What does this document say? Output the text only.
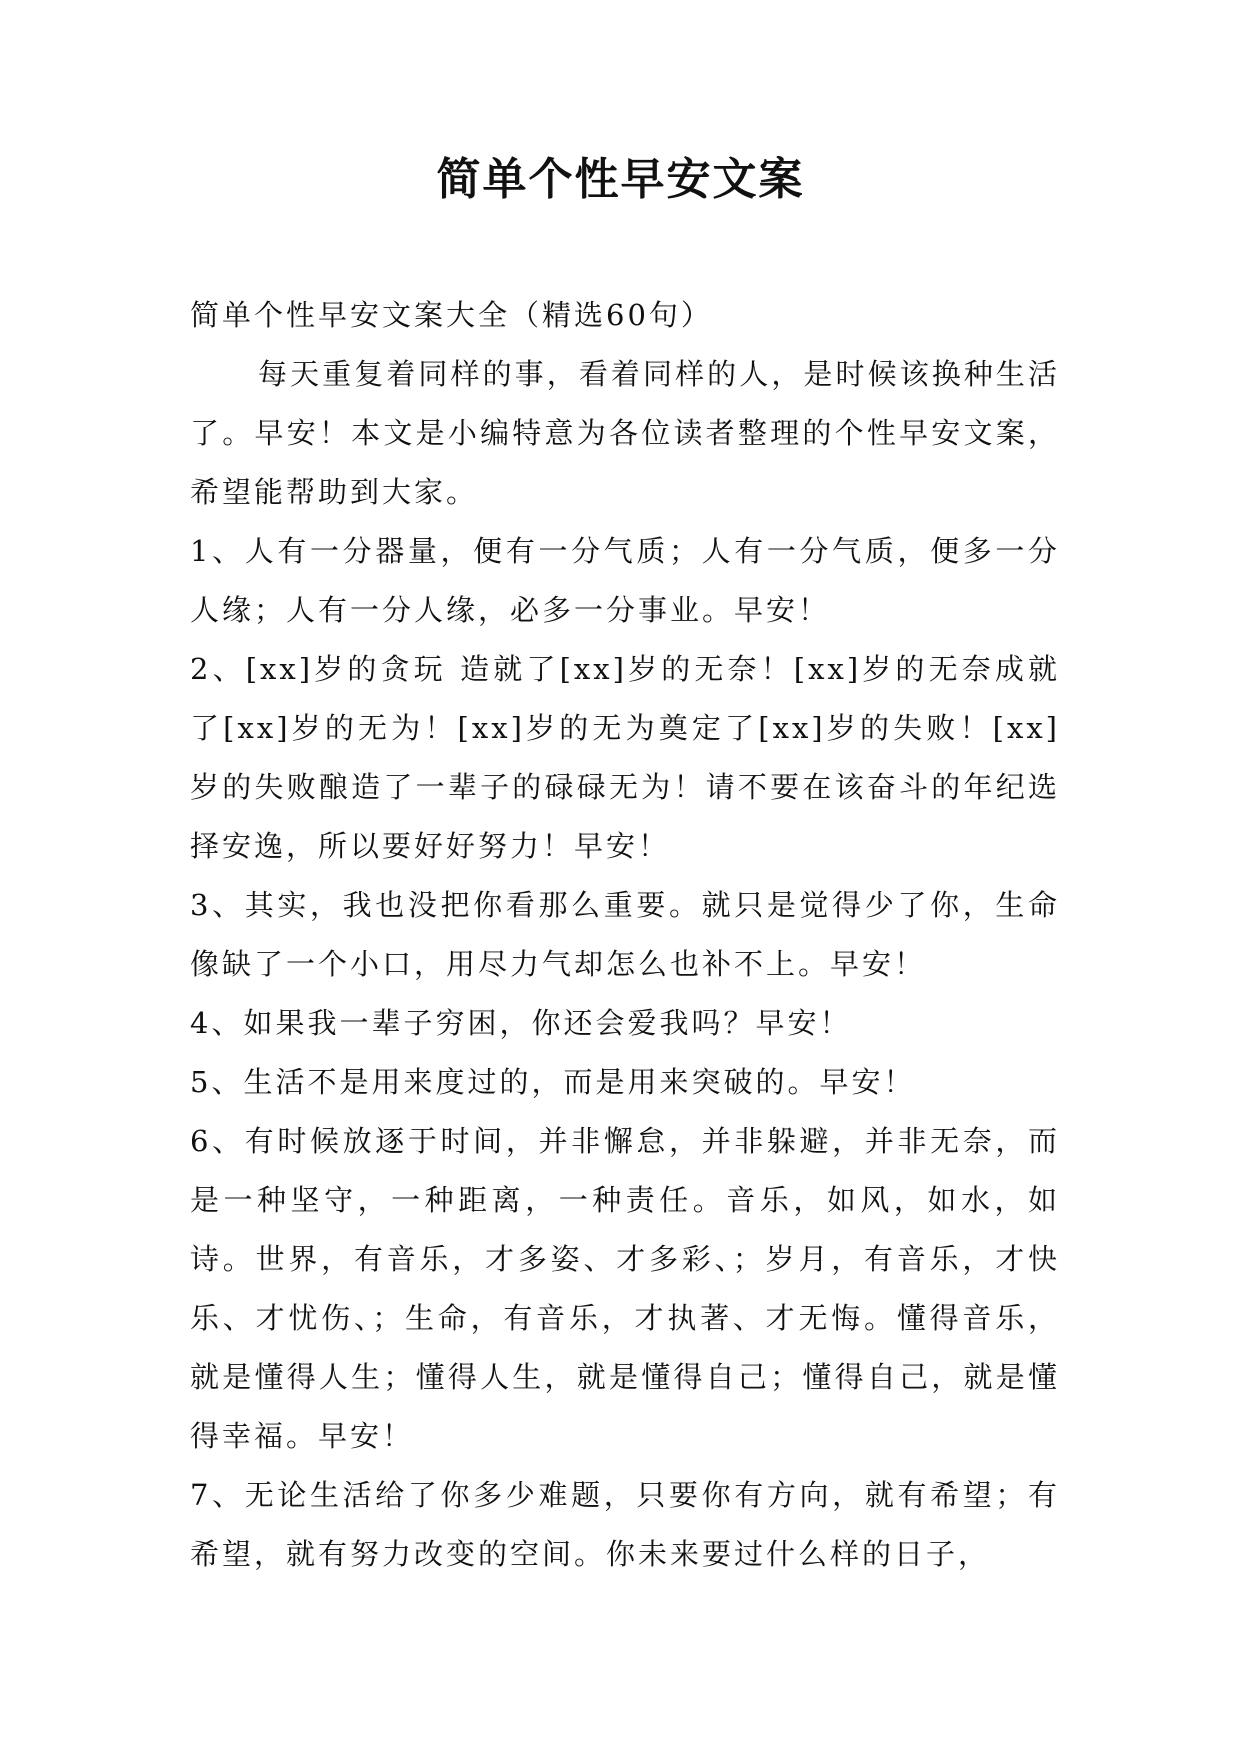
简单个性早安文案

简单个性早安文案大全（精选60句）

每天重复着同样的事，看着同样的人，是时候该换种生活了。早安！本文是小编特意为各位读者整理的个性早安文案，希望能帮助到大家。

1、人有一分器量，便有一分气质；人有一分气质，便多一分人缘；人有一分人缘，必多一分事业。早安！

2、[xx]岁的贪玩 造就了[xx]岁的无奈！[xx]岁的无奈成就了[xx]岁的无为！[xx]岁的无为奠定了[xx]岁的失败！[xx]岁的失败酿造了一辈子的碌碌无为！请不要在该奋斗的年纪选择安逸，所以要好好努力！早安！

3、其实，我也没把你看那么重要。就只是觉得少了你，生命像缺了一个小口，用尽力气却怎么也补不上。早安！

4、如果我一辈子穷困，你还会爱我吗？早安！

5、生活不是用来度过的，而是用来突破的。早安！

6、有时候放逐于时间，并非懈怠，并非躲避，并非无奈，而是一种坚守，一种距离，一种责任。音乐，如风，如水，如诗。世界，有音乐，才多姿、才多彩、；岁月，有音乐，才快乐、才忧伤、；生命，有音乐，才执著、才无悔。懂得音乐，就是懂得人生；懂得人生，就是懂得自己；懂得自己，就是懂得幸福。早安！

7、无论生活给了你多少难题，只要你有方向，就有希望；有希望，就有努力改变的空间。你未来要过什么样的日子，
